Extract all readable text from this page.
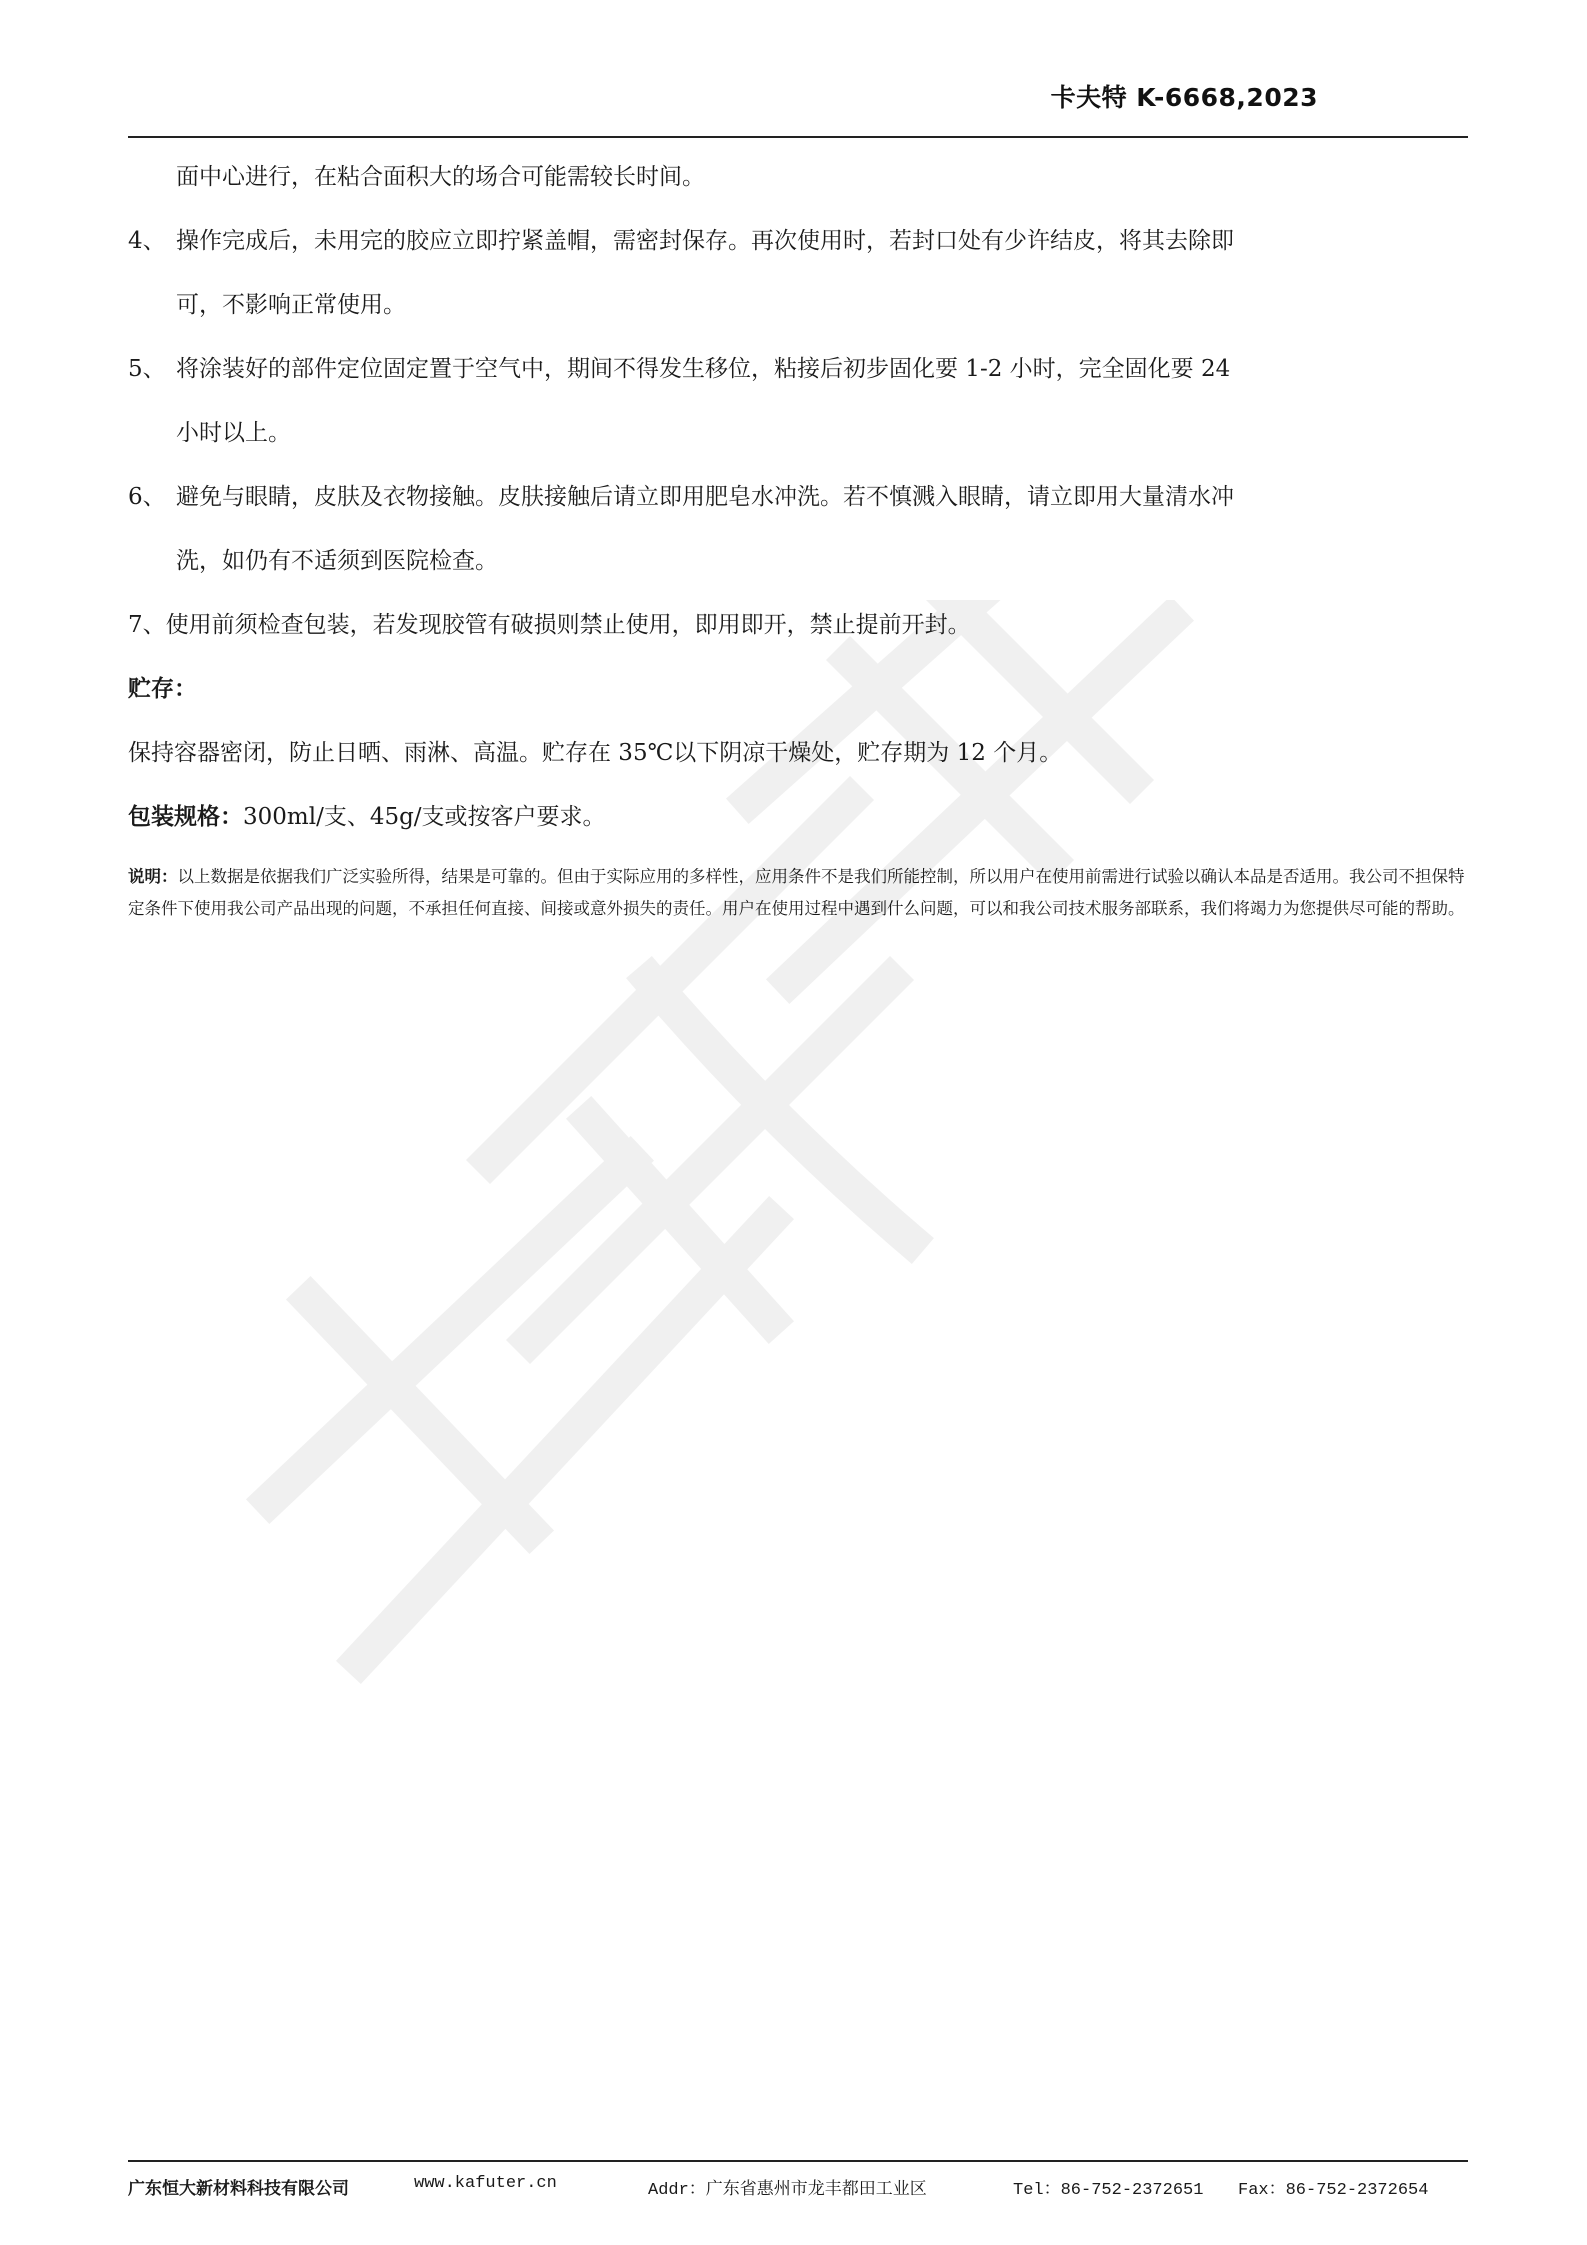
卡夫特 K-6668,2023
面中心进行，在粘合面积大的场合可能需较长时间。
4、 操作完成后，未用完的胶应立即拧紧盖帽，需密封保存。再次使用时，若封口处有少许结皮，将其去除即
可，不影响正常使用。
5、 将涂装好的部件定位固定置于空气中，期间不得发生移位，粘接后初步固化要 1-2 小时，完全固化要 24
小时以上。
6、 避免与眼睛，皮肤及衣物接触。皮肤接触后请立即用肥皂水冲洗。若不慎溅入眼睛，请立即用大量清水冲
洗，如仍有不适须到医院检查。
7、使用前须检查包装，若发现胶管有破损则禁止使用，即用即开，禁止提前开封。
贮存：
保持容器密闭，防止日晒、雨淋、高温。贮存在 35℃以下阴凉干燥处，贮存期为 12 个月。
包装规格：300ml/支、45g/支或按客户要求。
说明：以上数据是依据我们广泛实验所得，结果是可靠的。但由于实际应用的多样性，应用条件不是我们所能控制，所以用户在使用前需进行试验以确认本品是否适用。我公司不担保特定条件下使用我公司产品出现的问题，不承担任何直接、间接或意外损失的责任。用户在使用过程中遇到什么问题，可以和我公司技术服务部联系，我们将竭力为您提供尽可能的帮助。
广东恒大新材料科技有限公司	www.kafuter.cn	Addr：广东省惠州市龙丰都田工业区	Tel：86-752-2372651 Fax：86-752-2372654
